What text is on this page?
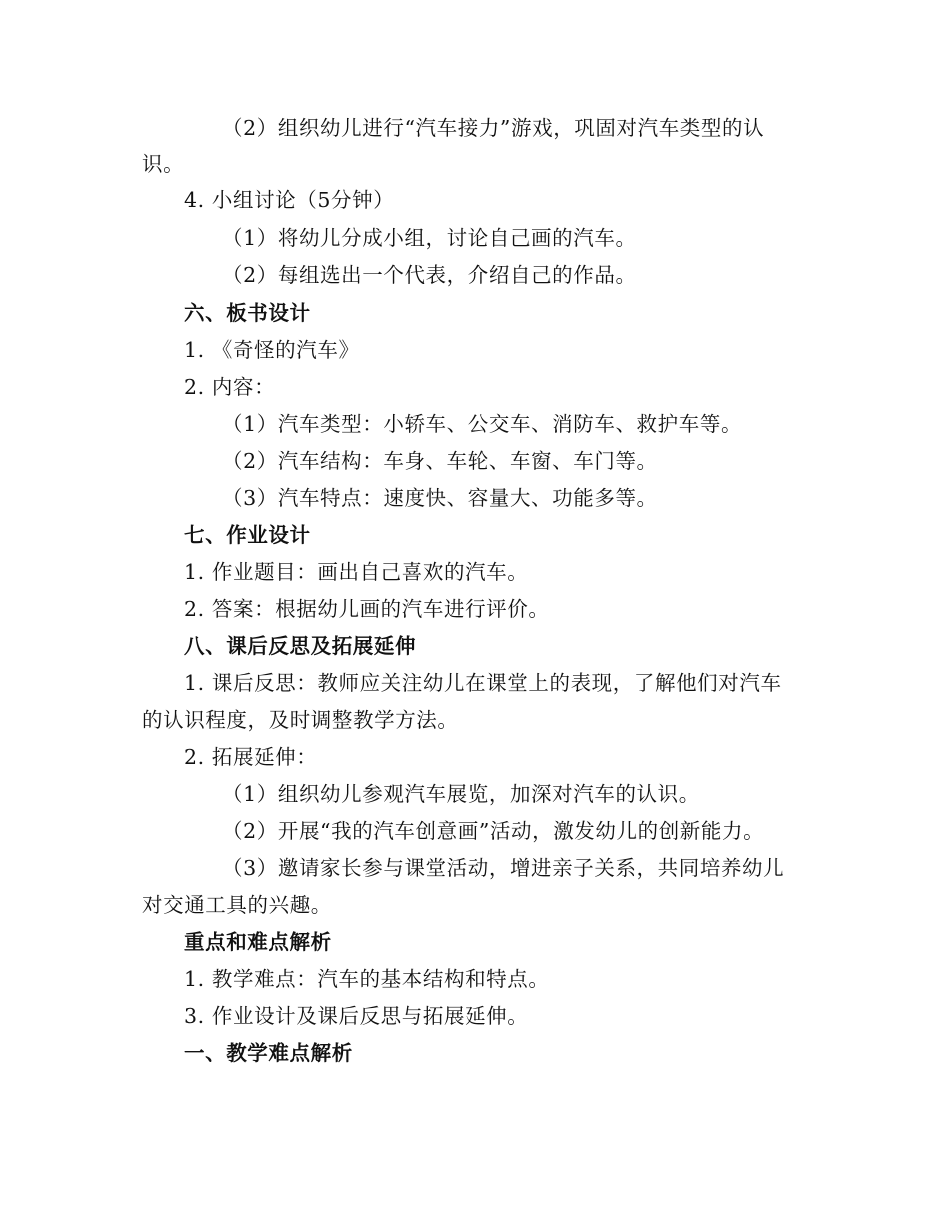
（2）组织幼儿进行“汽车接力”游戏，巩固对汽车类型的认
识。
4. 小组讨论（5分钟）
（1）将幼儿分成小组，讨论自己画的汽车。
（2）每组选出一个代表，介绍自己的作品。
六、板书设计
1. 《奇怪的汽车》
2. 内容：
（1）汽车类型：小轿车、公交车、消防车、救护车等。
（2）汽车结构：车身、车轮、车窗、车门等。
（3）汽车特点：速度快、容量大、功能多等。
七、作业设计
1. 作业题目：画出自己喜欢的汽车。
2. 答案：根据幼儿画的汽车进行评价。
八、课后反思及拓展延伸
1. 课后反思：教师应关注幼儿在课堂上的表现，了解他们对汽车
的认识程度，及时调整教学方法。
2. 拓展延伸：
（1）组织幼儿参观汽车展览，加深对汽车的认识。
（2）开展“我的汽车创意画”活动，激发幼儿的创新能力。
（3）邀请家长参与课堂活动，增进亲子关系，共同培养幼儿
对交通工具的兴趣。
重点和难点解析
1. 教学难点：汽车的基本结构和特点。
3. 作业设计及课后反思与拓展延伸。
一、教学难点解析
